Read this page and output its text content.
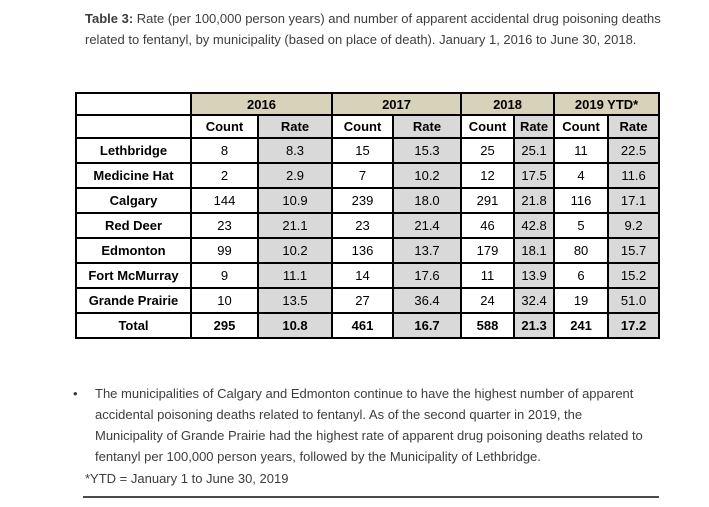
Table 3: Rate (per 100,000 person years) and number of apparent accidental drug poisoning deaths related to fentanyl, by municipality (based on place of death). January 1, 2016 to June 30, 2018.
	2016		2017		2018		2019 YTD*	
	Count	Rate	Count	Rate	Count	Rate	Count	Rate
Lethbridge	8	8.3	15	15.3	25	25.1	11	22.5
Medicine Hat	2	2.9	7	10.2	12	17.5	4	11.6
Calgary	144	10.9	239	18.0	291	21.8	116	17.1
Red Deer	23	21.1	23	21.4	46	42.8	5	9.2
Edmonton	99	10.2	136	13.7	179	18.1	80	15.7
Fort McMurray	9	11.1	14	17.6	11	13.9	6	15.2
Grande Prairie	10	13.5	27	36.4	24	32.4	19	51.0
Total	295	10.8	461	16.7	588	21.3	241	17.2
• The municipalities of Calgary and Edmonton continue to have the highest number of apparent accidental poisoning deaths related to fentanyl. As of the second quarter in 2019, the Municipality of Grande Prairie had the highest rate of apparent drug poisoning deaths related to fentanyl per 100,000 person years, followed by the Municipality of Lethbridge.
*YTD = January 1 to June 30, 2019
